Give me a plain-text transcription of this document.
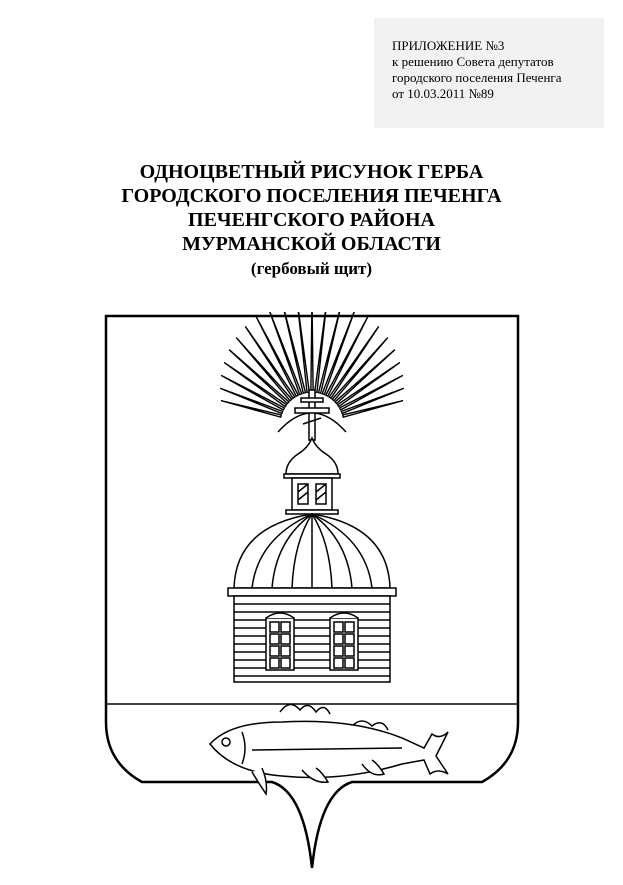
ПРИЛОЖЕНИЕ №3
к решению Совета депутатов
городского поселения Печенга
от 10.03.2011 №89
ОДНОЦВЕТНЫЙ РИСУНОК ГЕРБА
ГОРОДСКОГО ПОСЕЛЕНИЯ ПЕЧЕНГА
ПЕЧЕНГСКОГО РАЙОНА
МУРМАНСКОЙ ОБЛАСТИ
(гербовый щит)
